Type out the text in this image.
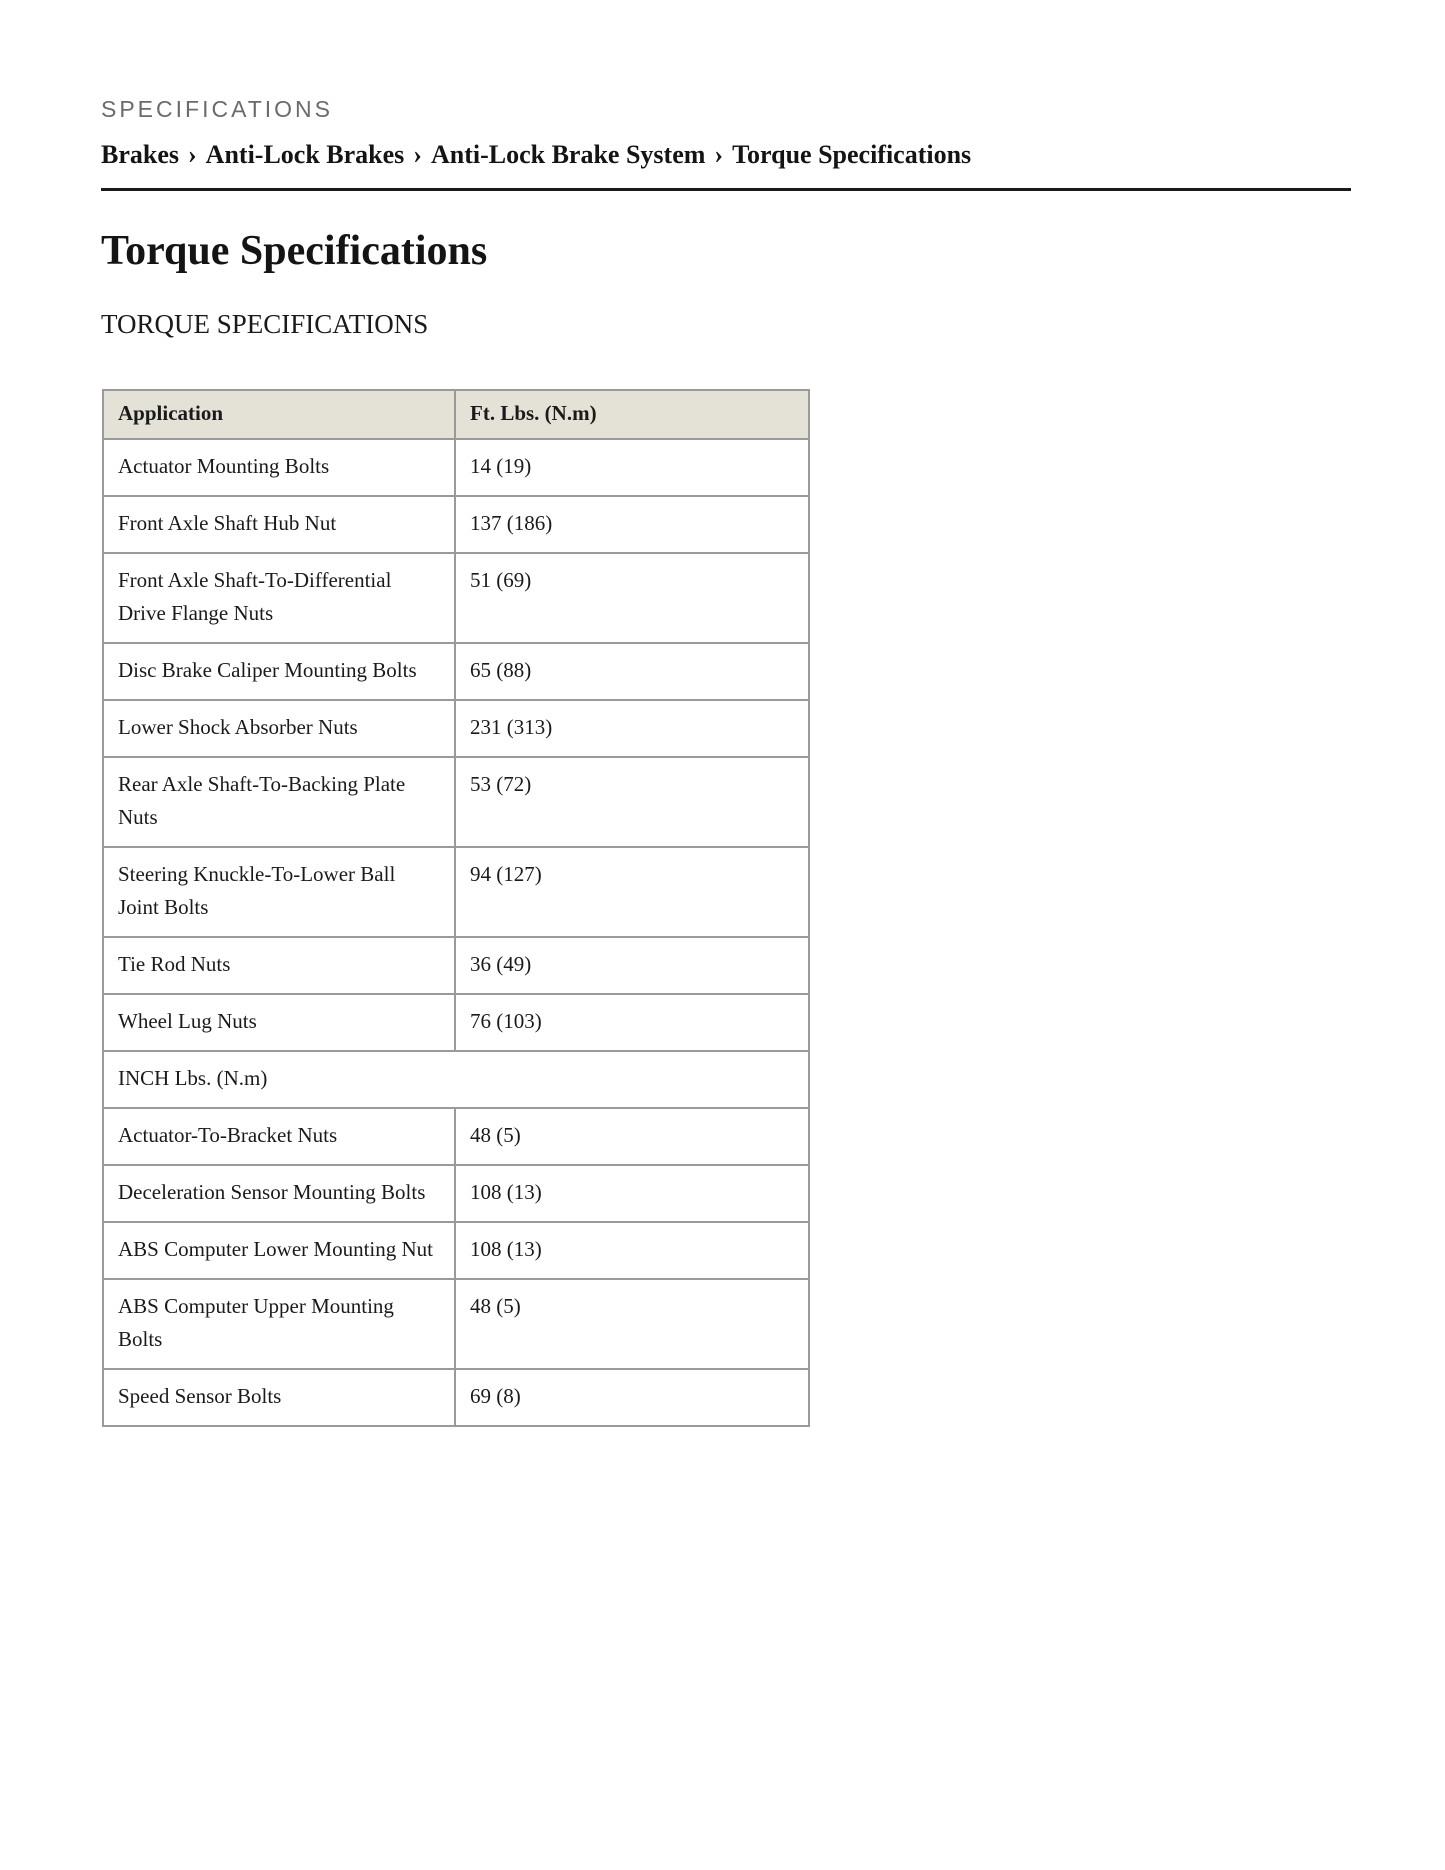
SPECIFICATIONS
Brakes › Anti-Lock Brakes › Anti-Lock Brake System › Torque Specifications
Torque Specifications
TORQUE SPECIFICATIONS
Application	Ft. Lbs. (N.m)
Actuator Mounting Bolts	14 (19)
Front Axle Shaft Hub Nut	137 (186)
Front Axle Shaft-To-Differential Drive Flange Nuts	51 (69)
Disc Brake Caliper Mounting Bolts	65 (88)
Lower Shock Absorber Nuts	231 (313)
Rear Axle Shaft-To-Backing Plate Nuts	53 (72)
Steering Knuckle-To-Lower Ball Joint Bolts	94 (127)
Tie Rod Nuts	36 (49)
Wheel Lug Nuts	76 (103)
INCH Lbs. (N.m)	
Actuator-To-Bracket Nuts	48 (5)
Deceleration Sensor Mounting Bolts	108 (13)
ABS Computer Lower Mounting Nut	108 (13)
ABS Computer Upper Mounting Bolts	48 (5)
Speed Sensor Bolts	69 (8)
